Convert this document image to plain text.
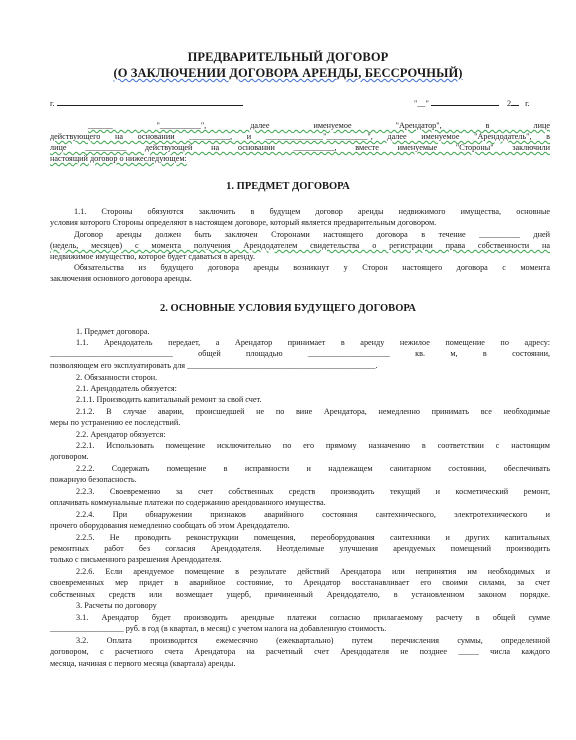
ПРЕДВАРИТЕЛЬНЫЙ ДОГОВОР
(О ЗАКЛЮЧЕНИИ ДОГОВОРА АРЕНДЫ, БЕССРОЧНЫЙ)
г.	"__"	2 г.
______ "__________", далее именуемое "Арендатор", в лице
действующего на основании __________, и ______________"__________", далее именуемое "Арендодатель", в
лице __________ действующей на основании __________, вместе именуемые "Стороны" заключили
настоящий договор о нижеследующем:
1. ПРЕДМЕТ ДОГОВОРА
1.1. Стороны обязуются заключить в будущем договор аренды недвижимого имущества, основные
условия которого Стороны определяют в настоящем договоре, который является предварительным договором.
Договор аренды должен быть заключен Сторонами настоящего договора в течение __________ дней
(недель, месяцев) с момента получения Арендодателем свидетельства о регистрации права собственности на
недвижимое имущество, которое будет сдаваться в аренду.
Обязательства из будущего договора аренды возникнут у Сторон настоящего договора с момента
заключения основного договора аренды.
2. ОСНОВНЫЕ УСЛОВИЯ БУДУЩЕГО ДОГОВОРА
1. Предмет договора.
1.1. Арендодатель передает, а Арендатор принимает в аренду нежилое помещение по адресу:
______________________________ общей площадью ____________________ кв. м, в состоянии,
позволяющем его эксплуатировать для ______________________________________________.
2. Обязанности сторон.
2.1. Арендодатель обязуется:
2.1.1. Производить капитальный ремонт за свой счет.
2.1.2. В случае аварии, происшедшей не по вине Арендатора, немедленно принимать все необходимые
меры по устранению ее последствий.
2.2. Арендатор обязуется:
2.2.1. Использовать помещение исключительно по его прямому назначению в соответствии с настоящим
договором.
2.2.2. Содержать помещение в исправности и надлежащем санитарном состоянии, обеспечивать
пожарную безопасность.
2.2.3. Своевременно за счет собственных средств производить текущий и косметический ремонт,
оплачивать коммунальные платежи по содержанию арендованного имущества.
2.2.4. При обнаружении признаков аварийного состояния сантехнического, электротехнического и
прочего оборудования немедленно сообщать об этом Арендодателю.
2.2.5. Не проводить реконструкции помещения, переоборудования сантехники и других капитальных
ремонтных работ без согласия Арендодателя. Неотделимые улучшения арендуемых помещений производить
только с письменного разрешения Арендодателя.
2.2.6. Если арендуемое помещение в результате действий Арендатора или непринятия им необходимых и
своевременных мер придет в аварийное состояние, то Арендатор восстанавливает его своими силами, за счет
собственных средств или возмещает ущерб, причиненный Арендодателю, в установленном законом порядке.
3. Расчеты по договору
3.1. Арендатор будет производить арендные платежи согласно прилагаемому расчету в общей сумме
__________________ руб. в год (в квартал, в месяц) с учетом налога на добавленную стоимость.
3.2. Оплата производится ежемесячно (ежеквартально) путем перечисления суммы, определенной
договором, с расчетного счета Арендатора на расчетный счет Арендодателя не позднее _____ числа каждого
месяца, начиная с первого месяца (квартала) аренды.
